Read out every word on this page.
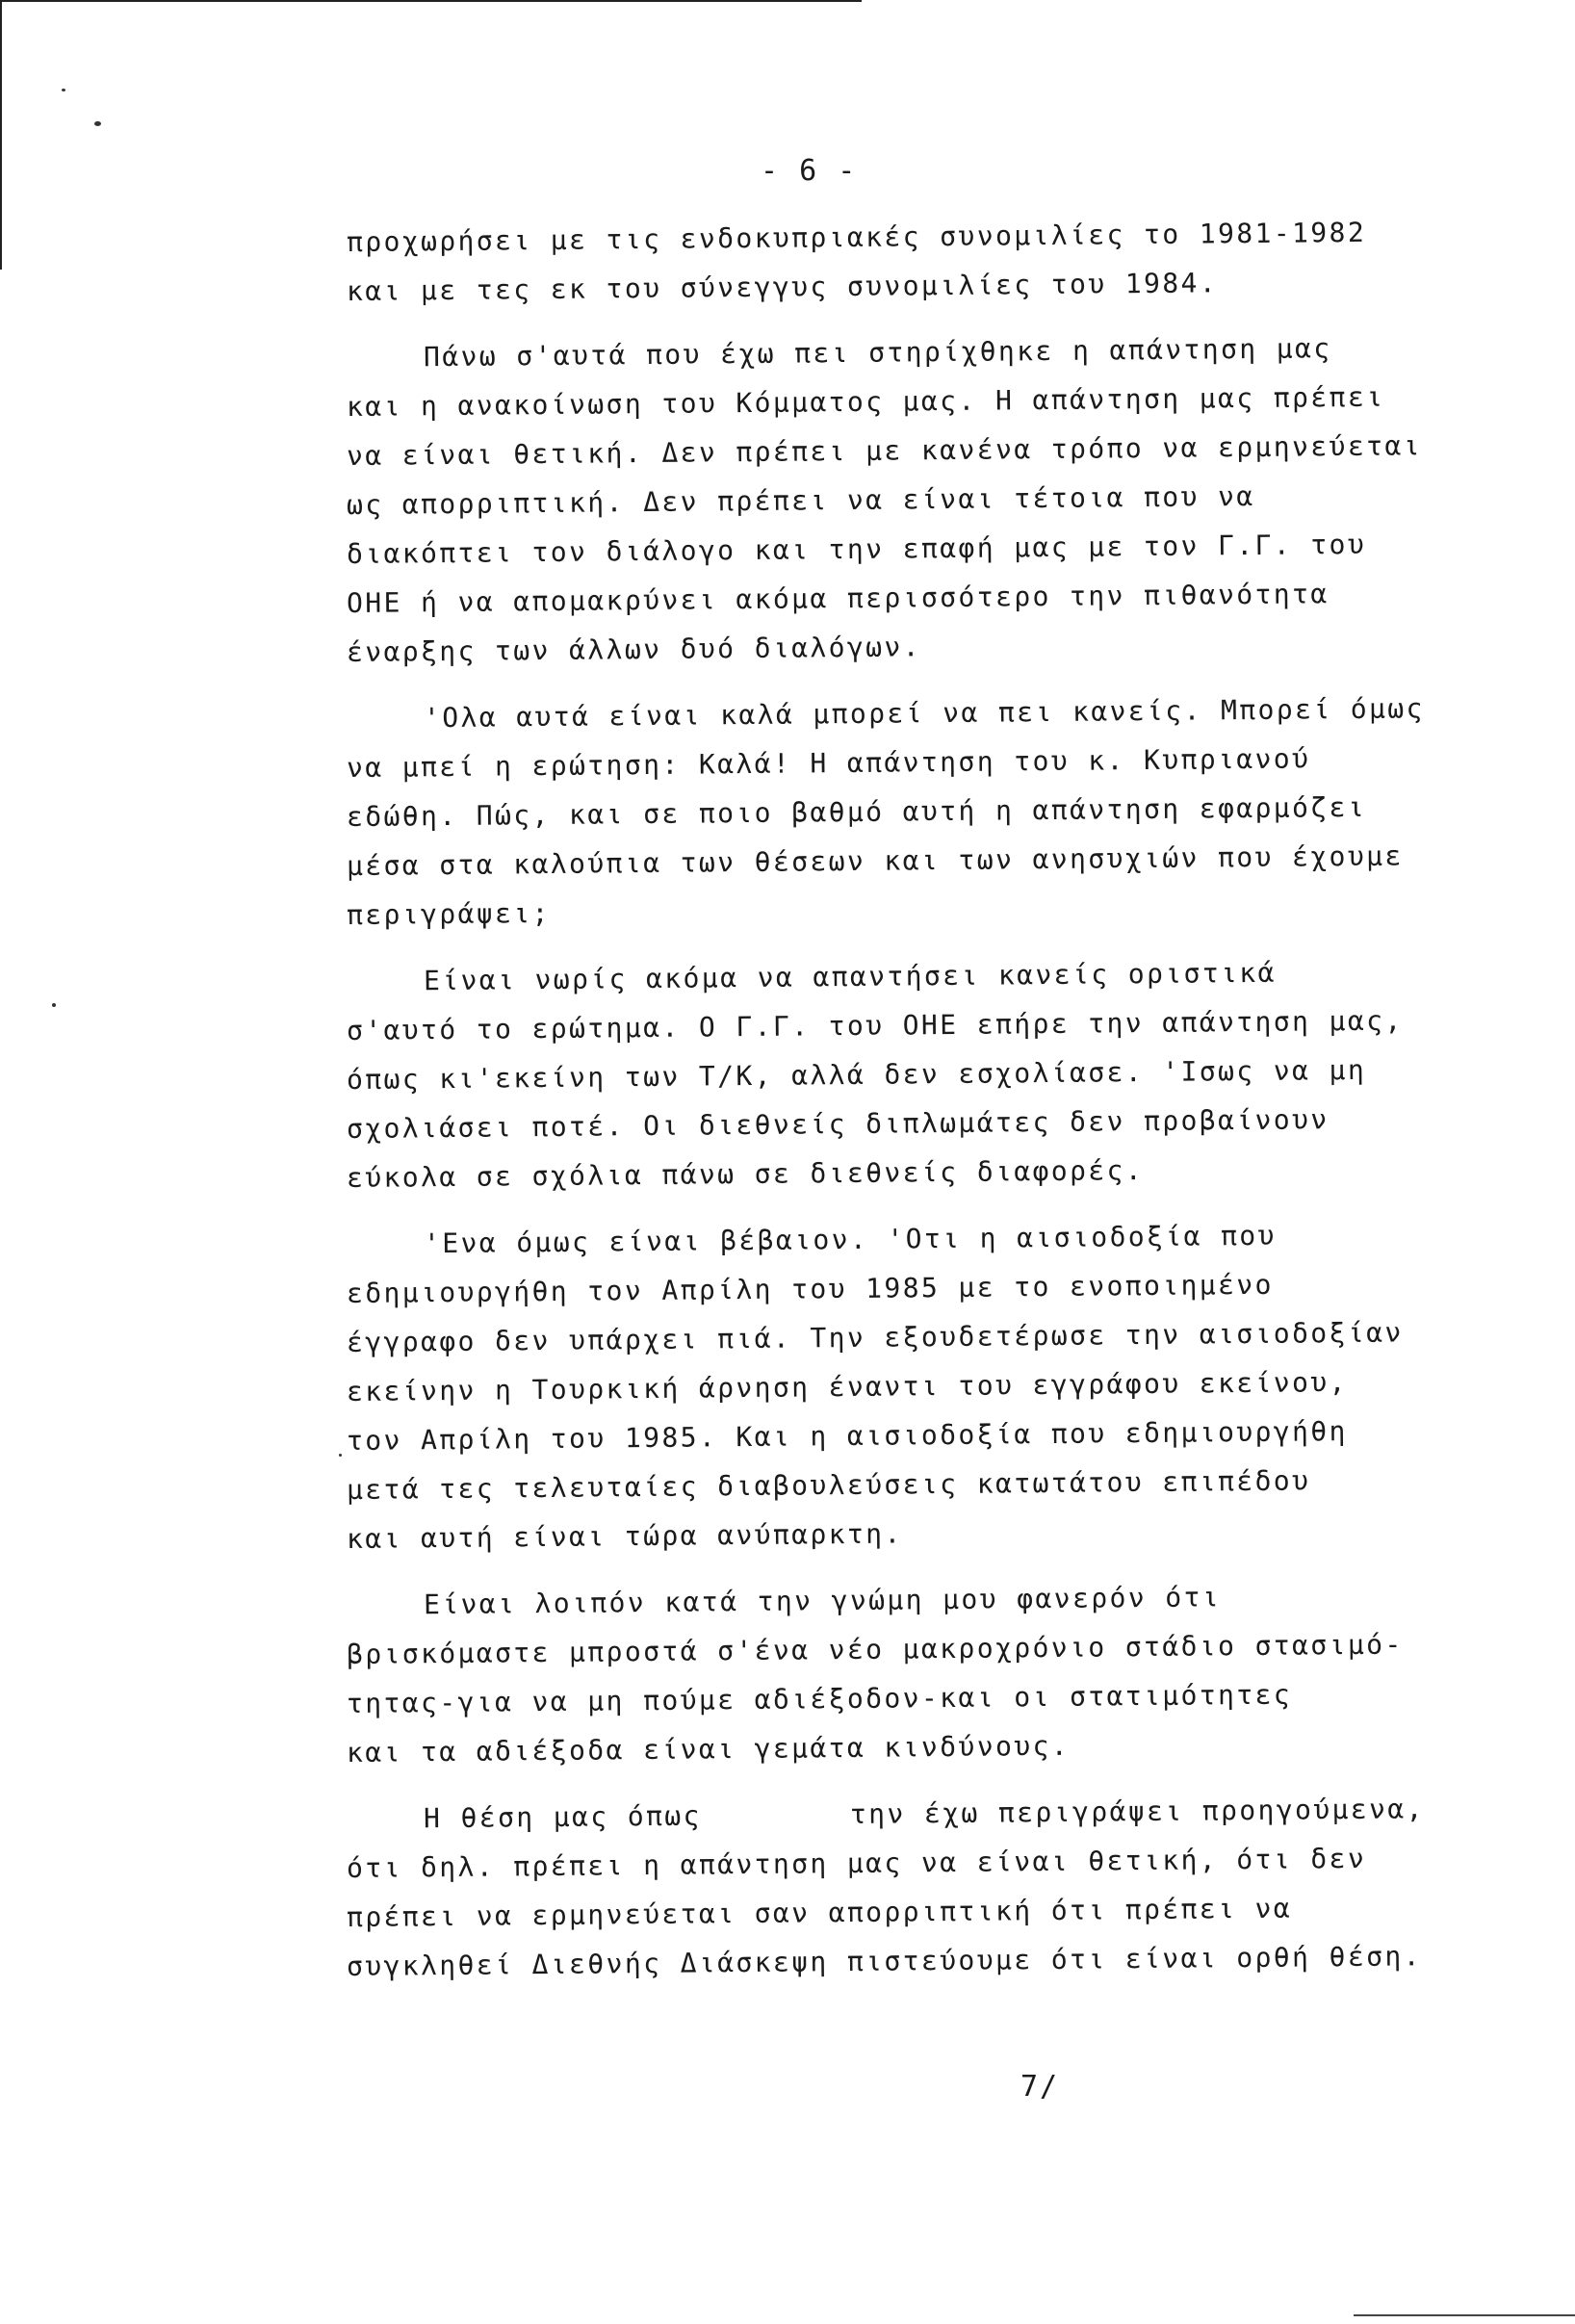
- 6 -
προχωρήσει με τις ενδοκυπριακές συνομιλίες το 1981-1982
και με τες εκ του σύνεγγυς συνομιλίες του 1984.
Πάνω σ'αυτά που έχω πει στηρίχθηκε η απάντηση μας
και η ανακοίνωση του Κόμματος μας. Η απάντηση μας πρέπει
να είναι θετική. Δεν πρέπει με κανένα τρόπο να ερμηνεύεται
ως απορριπτική. Δεν πρέπει να είναι τέτοια που να
διακόπτει τον διάλογο και την επαφή μας με τον Γ.Γ. του
ΟΗΕ ή να απομακρύνει ακόμα περισσότερο την πιθανότητα
έναρξης των άλλων δυό διαλόγων.
'Ολα αυτά είναι καλά μπορεί να πει κανείς. Μπορεί όμως
να μπεί η ερώτηση: Καλά! Η απάντηση του κ. Κυπριανού
εδώθη. Πώς, και σε ποιο βαθμό αυτή η απάντηση εφαρμόζει
μέσα στα καλούπια των θέσεων και των ανησυχιών που έχουμε
περιγράψει;
Είναι νωρίς ακόμα να απαντήσει κανείς οριστικά
σ'αυτό το ερώτημα. Ο Γ.Γ. του ΟΗΕ επήρε την απάντηση μας,
όπως κι'εκείνη των Τ/Κ, αλλά δεν εσχολίασε. 'Ισως να μη
σχολιάσει ποτέ. Οι διεθνείς διπλωμάτες δεν προβαίνουν
εύκολα σε σχόλια πάνω σε διεθνείς διαφορές.
'Ενα όμως είναι βέβαιον. 'Οτι η αισιοδοξία που
εδημιουργήθη τον Απρίλη του 1985 με το ενοποιημένο
έγγραφο δεν υπάρχει πιά. Την εξουδετέρωσε την αισιοδοξίαν
εκείνην η Τουρκική άρνηση έναντι του εγγράφου εκείνου,
τον Απρίλη του 1985. Και η αισιοδοξία που εδημιουργήθη
μετά τες τελευταίες διαβουλεύσεις κατωτάτου επιπέδου
και αυτή είναι τώρα ανύπαρκτη.
Είναι λοιπόν κατά την γνώμη μου φανερόν ότι
βρισκόμαστε μπροστά σ'ένα νέο μακροχρόνιο στάδιο στασιμό-
τητας-για να μη πούμε αδιέξοδον-και οι στατιμότητες
και τα αδιέξοδα είναι γεμάτα κινδύνους.
Η θέση μας όπως        την έχω περιγράψει προηγούμενα,
ότι δηλ. πρέπει η απάντηση μας να είναι θετική, ότι δεν
πρέπει να ερμηνεύεται σαν απορριπτική ότι πρέπει να
συγκληθεί Διεθνής Διάσκεψη πιστεύουμε ότι είναι ορθή θέση.
7/
